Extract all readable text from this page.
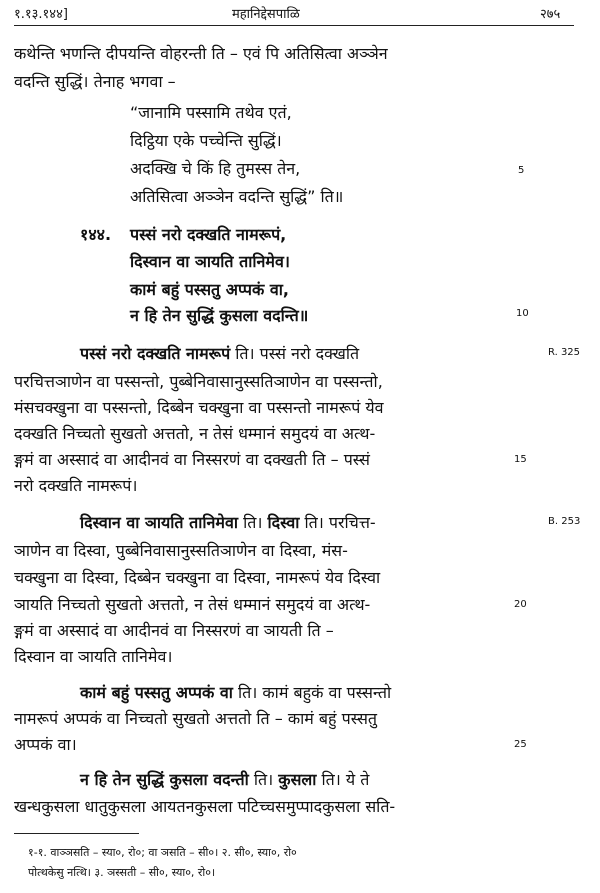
१.१३.१४४]	महानिद्देसपाळि	२७५
कथेन्ति भणन्ति दीपयन्ति वोहरन्ती ति – एवं पि अतिसित्वा अञ्ञेन
वदन्ति सुद्धिं। तेनाह भगवा –
“जानामि पस्सामि तथेव एतं,
दिट्ठिया एके पच्चेन्ति सुद्धिं।
अदक्खि चे किं हि तुमस्स तेन,
अतिसित्वा अञ्ञेन वदन्ति सुद्धिं” ति॥
१४४. पस्सं नरो दक्खति नामरूपं,
दिस्वान वा ञायति तानिमेव।
कामं बहुं पस्सतु अप्पकं वा,
न हि तेन सुद्धिं कुसला वदन्ति॥
पस्सं नरो दक्खति नामरूपं ति। पस्सं नरो दक्खति
परचित्तञाणेन वा पस्सन्तो, पुब्बेनिवासानुस्सतिञाणेन वा पस्सन्तो,
मंसचक्खुना वा पस्सन्तो, दिब्बेन चक्खुना वा पस्सन्तो नामरूपं येव
दक्खति निच्चतो सुखतो अत्ततो, न तेसं धम्मानं समुदयं वा अत्थ-
ङ्गमं वा अस्सादं वा आदीनवं वा निस्सरणं वा दक्खती ति – पस्सं
नरो दक्खति नामरूपं।
दिस्वान वा ञायति तानिमेवा ति। दिस्वा ति। परचित्त-
ञाणेन वा दिस्वा, पुब्बेनिवासानुस्सतिञाणेन वा दिस्वा, मंस-
चक्खुना वा दिस्वा, दिब्बेन चक्खुना वा दिस्वा, नामरूपं येव दिस्वा
ञायति निच्चतो सुखतो अत्ततो, न तेसं धम्मानं समुदयं वा अत्थ-
ङ्गमं वा अस्सादं वा आदीनवं वा निस्सरणं वा ञायती ति –
दिस्वान वा ञायति तानिमेव।
कामं बहुं पस्सतु अप्पकं वा ति। कामं बहुकं वा पस्सन्तो
नामरूपं अप्पकं वा निच्चतो सुखतो अत्ततो ति – कामं बहुं पस्सतु
अप्पकं वा।
न हि तेन सुद्धिं कुसला वदन्ती ति। कुसला ति। ये ते
खन्धकुसला धातुकुसला आयतनकुसला पटिच्चसमुप्पादकुसला सति-
5
10
15
20
25
R. 325
B. 253
१-१. वाञ्ञसति – स्या०, रो०; वा ञसति – सी०। २. सी०, स्या०, रो०
पोत्थकेसु नत्थि। ३. ञस्सती – सी०, स्या०, रो०।
